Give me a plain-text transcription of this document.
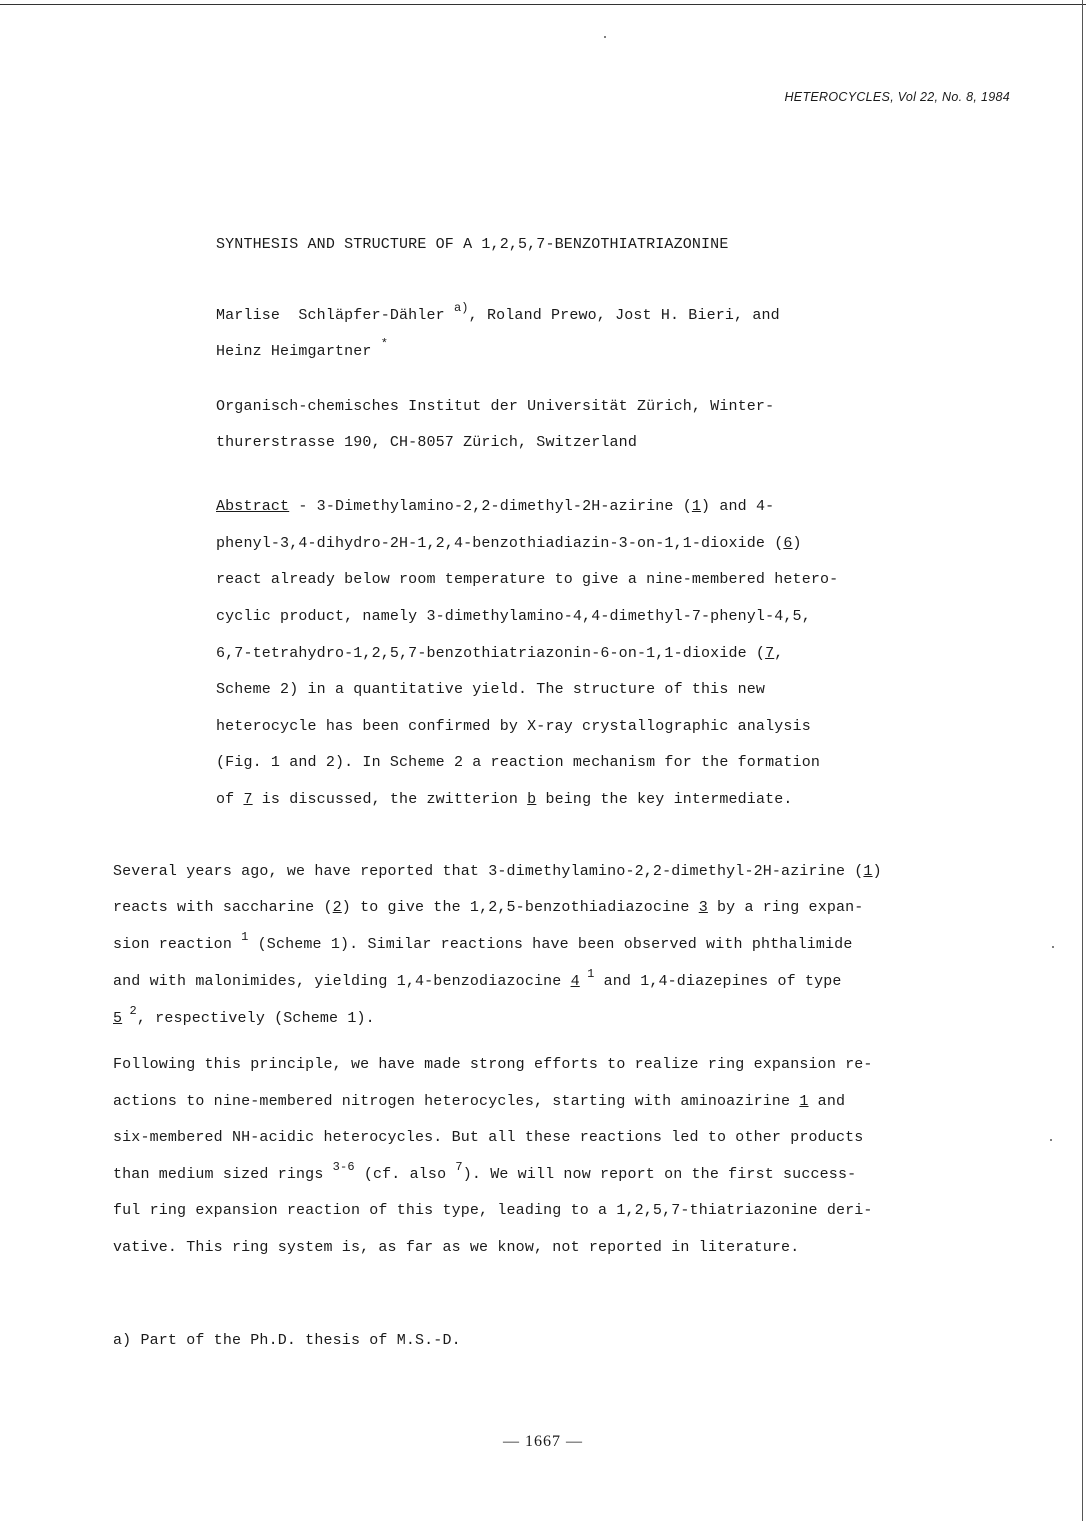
HETEROCYCLES, Vol 22, No. 8, 1984
SYNTHESIS AND STRUCTURE OF A 1,2,5,7-BENZOTHIATRIAZONINE
Marlise  Schläpfer-Dähler $^{a)}$, Roland Prewo, Jost H. Bieri, and
Heinz Heimgartner *
Organisch-chemisches Institut der Universität Zürich, Winter-
thurerstrasse 190, CH-8057 Zürich, Switzerland
Abstract - 3-Dimethylamino-2,2-dimethyl-2H-azirine (1) and 4-
phenyl-3,4-dihydro-2H-1,2,4-benzothiadiazin-3-on-1,1-dioxide (6)
react already below room temperature to give a nine-membered hetero-
cyclic product, namely 3-dimethylamino-4,4-dimethyl-7-phenyl-4,5,
6,7-tetrahydro-1,2,5,7-benzothiatriazonin-6-on-1,1-dioxide (7,
Scheme 2) in a quantitative yield. The structure of this new
heterocycle has been confirmed by X-ray crystallographic analysis
(Fig. 1 and 2). In Scheme 2 a reaction mechanism for the formation
of 7 is discussed, the zwitterion b being the key intermediate.
Several years ago, we have reported that 3-dimethylamino-2,2-dimethyl-2H-azirine (1)
reacts with saccharine (2) to give the 1,2,5-benzothiadiazocine 3 by a ring expan-
sion reaction $^1$ (Scheme 1). Similar reactions have been observed with phthalimide
and with malonimides, yielding 1,4-benzodiazocine 4 $^1$ and 1,4-diazepines of type
5 $^2$, respectively (Scheme 1).
Following this principle, we have made strong efforts to realize ring expansion re-
actions to nine-membered nitrogen heterocycles, starting with aminoazirine 1 and
six-membered NH-acidic heterocycles. But all these reactions led to other products
than medium sized rings $^{3-6}$ (cf. also $^7$). We will now report on the first success-
ful ring expansion reaction of this type, leading to a 1,2,5,7-thiatriazonine deri-
vative. This ring system is, as far as we know, not reported in literature.
a) Part of the Ph.D. thesis of M.S.-D.
— 1667 —
